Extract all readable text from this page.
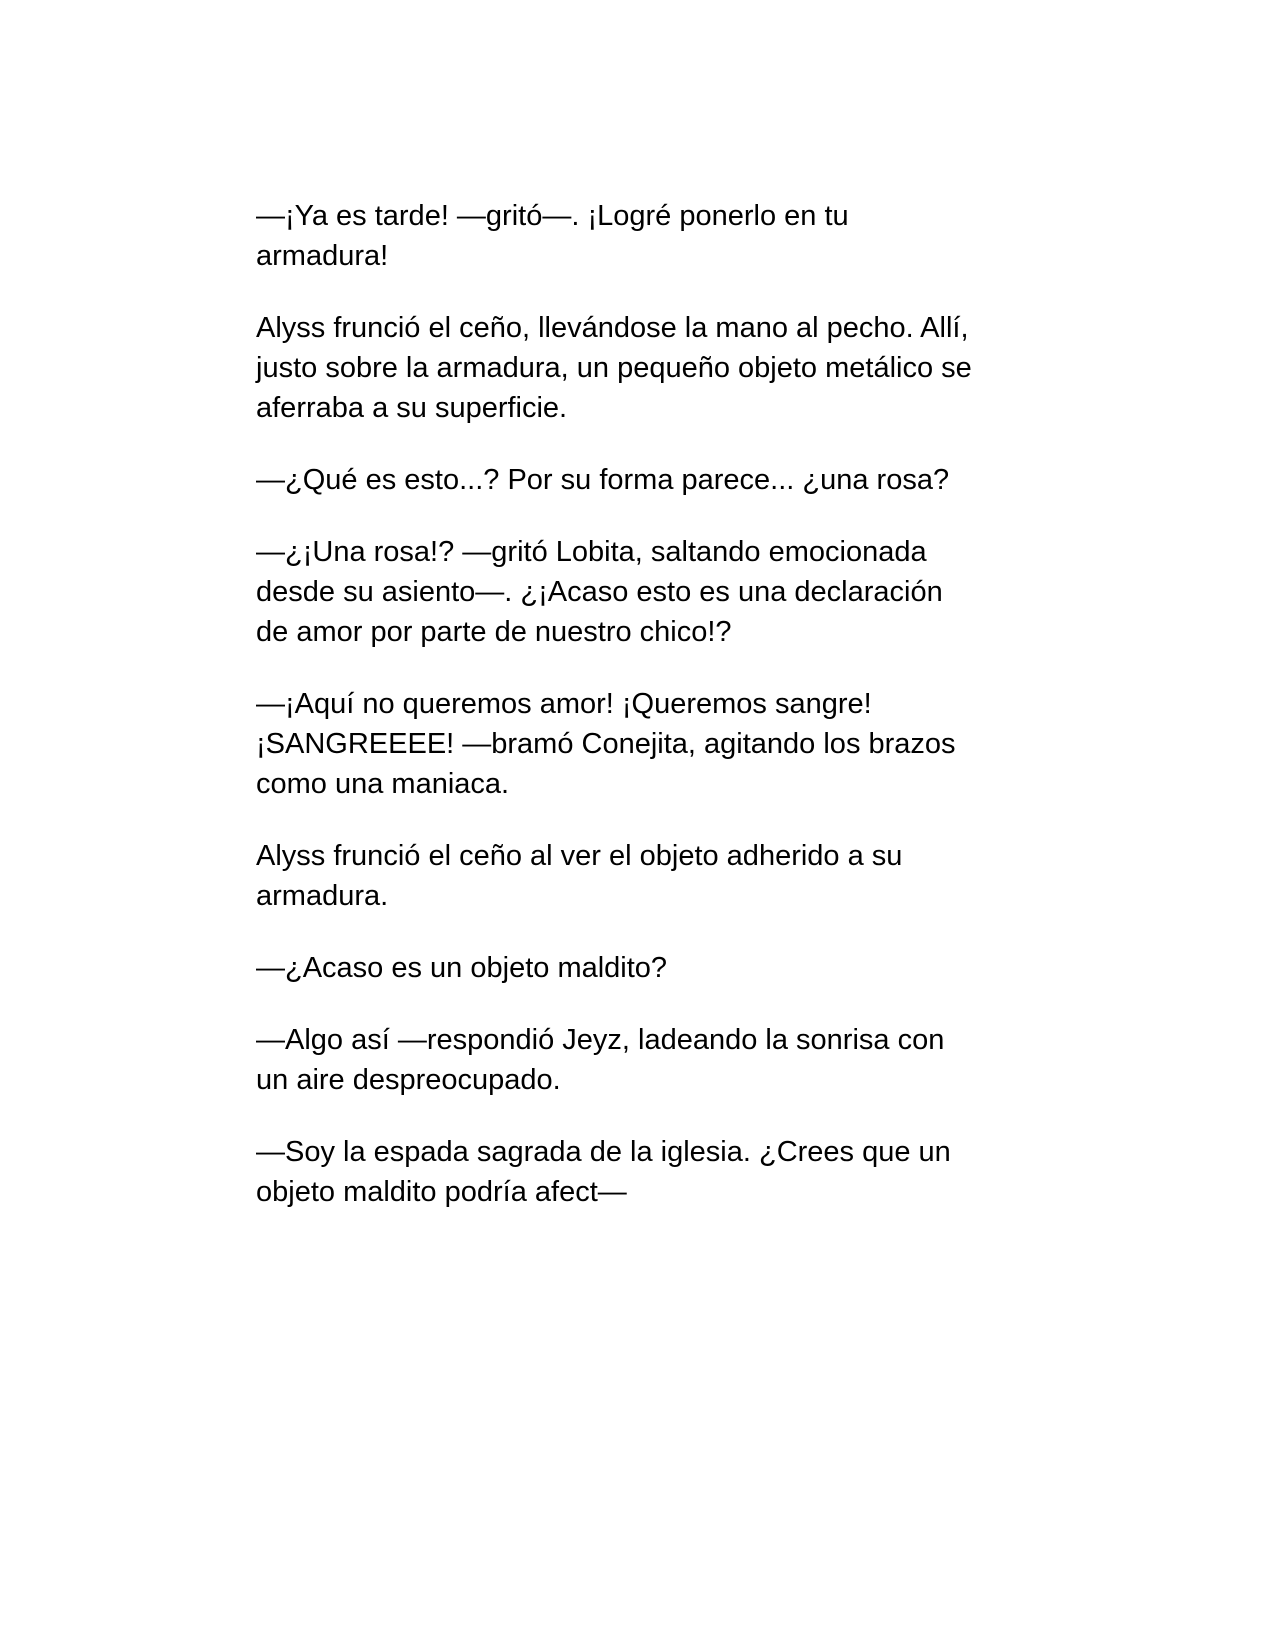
—¡Ya es tarde! —gritó—. ¡Logré ponerlo en tu
armadura!

Alyss frunció el ceño, llevándose la mano al pecho. Allí,
justo sobre la armadura, un pequeño objeto metálico se
aferraba a su superficie.

—¿Qué es esto...? Por su forma parece... ¿una rosa?

—¿¡Una rosa!? —gritó Lobita, saltando emocionada
desde su asiento—. ¿¡Acaso esto es una declaración
de amor por parte de nuestro chico!?

—¡Aquí no queremos amor! ¡Queremos sangre!
¡SANGREEEE! —bramó Conejita, agitando los brazos
como una maniaca.

Alyss frunció el ceño al ver el objeto adherido a su
armadura.

—¿Acaso es un objeto maldito?

—Algo así —respondió Jeyz, ladeando la sonrisa con
un aire despreocupado.

—Soy la espada sagrada de la iglesia. ¿Crees que un
objeto maldito podría afect—
